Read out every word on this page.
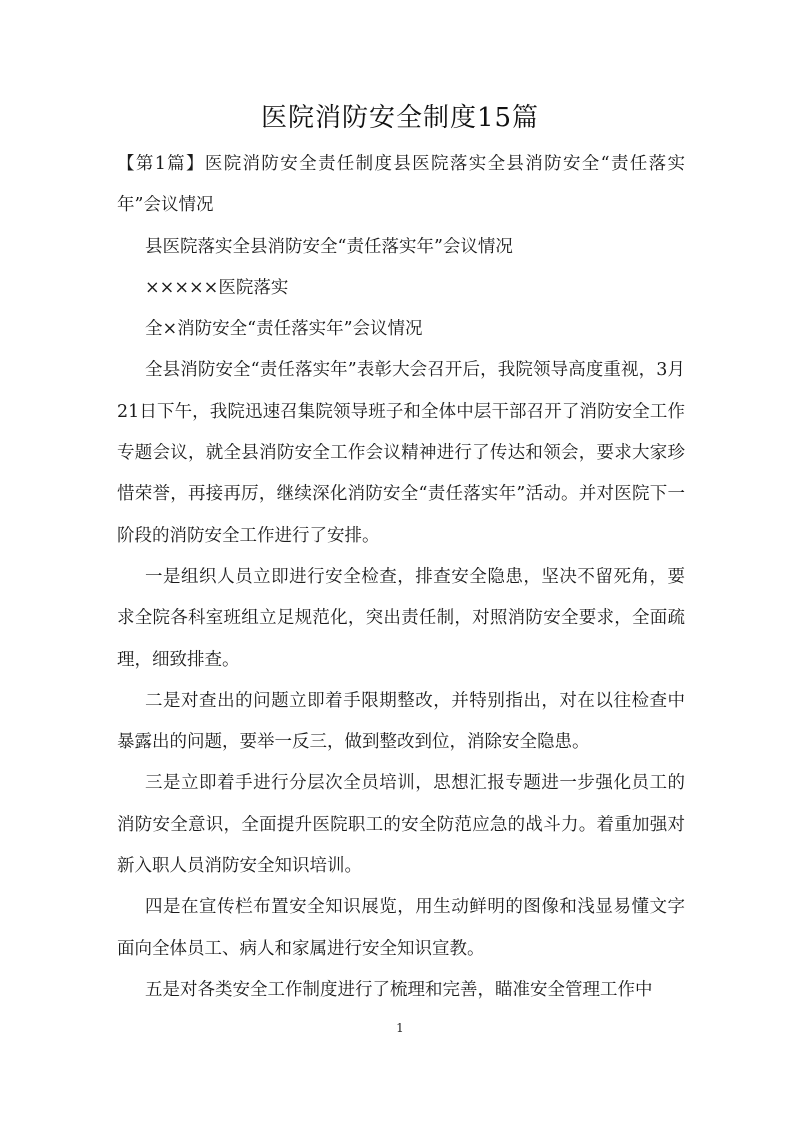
医院消防安全制度15篇

【第1篇】医院消防安全责任制度县医院落实全县消防安全“责任落实年”会议情况

县医院落实全县消防安全“责任落实年”会议情况

×××××医院落实

全×消防安全“责任落实年”会议情况

全县消防安全“责任落实年”表彰大会召开后，我院领导高度重视，3月 21日下午，我院迅速召集院领导班子和全体中层干部召开了消防安全工作专题会议，就全县消防安全工作会议精神进行了传达和领会，要求大家珍惜荣誉，再接再厉，继续深化消防安全“责任落实年”活动。并对医院下一阶段的消防安全工作进行了安排。

一是组织人员立即进行安全检查，排查安全隐患，坚决不留死角，要求全院各科室班组立足规范化，突出责任制，对照消防安全要求，全面疏理，细致排查。

二是对查出的问题立即着手限期整改，并特别指出，对在以往检查中暴露出的问题，要举一反三，做到整改到位，消除安全隐患。

三是立即着手进行分层次全员培训，思想汇报专题进一步强化员工的消防安全意识，全面提升医院职工的安全防范应急的战斗力。着重加强对新入职人员消防安全知识培训。

四是在宣传栏布置安全知识展览，用生动鲜明的图像和浅显易懂文字面向全体员工、病人和家属进行安全知识宣教。

五是对各类安全工作制度进行了梳理和完善，瞄准安全管理工作中

1
